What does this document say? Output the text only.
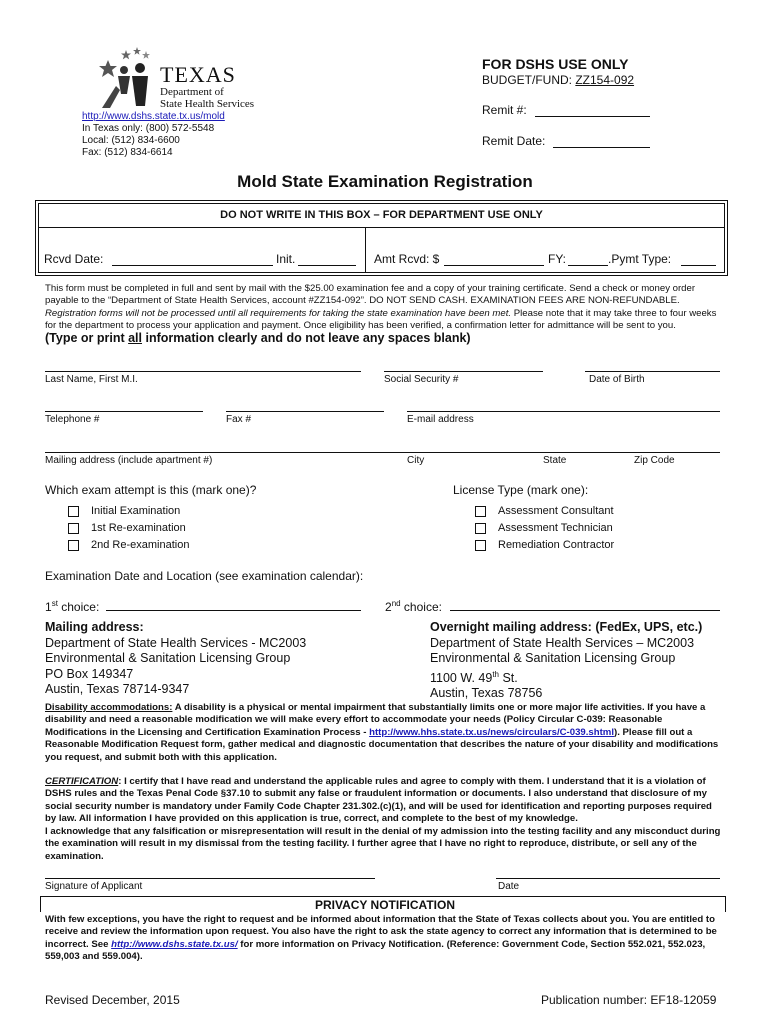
TEXAS
Department of
State Health Services
http://www.dshs.state.tx.us/mold
In Texas only: (800) 572-5548
Local: (512) 834-6600
Fax: (512) 834-6614
FOR DSHS USE ONLY
BUDGET/FUND: ZZ154-092
Remit #:
Remit Date:
Mold State Examination Registration
DO NOT WRITE IN THIS BOX – FOR DEPARTMENT USE ONLY
Rcvd Date:	Init.	Amt Rcvd: $	FY:	.Pymt Type:
This form must be completed in full and sent by mail with the $25.00 examination fee and a copy of your training certificate. Send a check or money order payable to the “Department of State Health Services, account #ZZ154-092”. DO NOT SEND CASH. EXAMINATION FEES ARE NON-REFUNDABLE. Registration forms will not be processed until all requirements for taking the state examination have been met. Please note that it may take three to four weeks for the department to process your application and payment. Once eligibility has been verified, a confirmation letter for admittance will be sent to you.
(Type or print all information clearly and do not leave any spaces blank)
Last Name, First M.I.	Social Security #	Date of Birth
Telephone #	Fax #	E-mail address
Mailing address (include apartment #)	City	State	Zip Code
Which exam attempt is this (mark one)?
Initial Examination
1st Re-examination
2nd Re-examination
License Type (mark one):
Assessment Consultant
Assessment Technician
Remediation Contractor
Examination Date and Location (see examination calendar):
1st choice:	2nd choice:
Mailing address:
Department of State Health Services - MC2003
Environmental & Sanitation Licensing Group
PO Box 149347
Austin, Texas 78714-9347
Overnight mailing address: (FedEx, UPS, etc.)
Department of State Health Services – MC2003
Environmental & Sanitation Licensing Group
1100 W. 49th St.
Austin, Texas 78756
Disability accommodations: A disability is a physical or mental impairment that substantially limits one or more major life activities. If you have a disability and need a reasonable modification we will make every effort to accommodate your needs (Policy Circular C-039: Reasonable Modifications in the Licensing and Certification Examination Process - http://www.hhs.state.tx.us/news/circulars/C-039.shtml). Please fill out a Reasonable Modification Request form, gather medical and diagnostic documentation that describes the nature of your disability and modifications you request, and submit both with this application.
CERTIFICATION: I certify that I have read and understand the applicable rules and agree to comply with them. I understand that it is a violation of DSHS rules and the Texas Penal Code §37.10 to submit any false or fraudulent information or documents. I also understand that disclosure of my social security number is mandatory under Family Code Chapter 231.302.(c)(1), and will be used for identification and reporting purposes required by law. All information I have provided on this application is true, correct, and complete to the best of my knowledge.
I acknowledge that any falsification or misrepresentation will result in the denial of my admission into the testing facility and any misconduct during the examination will result in my dismissal from the testing facility. I further agree that I have no right to reproduce, distribute, or sell any of the examination.
Signature of Applicant	Date
PRIVACY NOTIFICATION
With few exceptions, you have the right to request and be informed about information that the State of Texas collects about you. You are entitled to receive and review the information upon request. You also have the right to ask the state agency to correct any information that is determined to be incorrect. See http://www.dshs.state.tx.us/ for more information on Privacy Notification. (Reference: Government Code, Section 552.021, 552.023, 559,003 and 559.004).
Revised December, 2015	Publication number: EF18-12059
